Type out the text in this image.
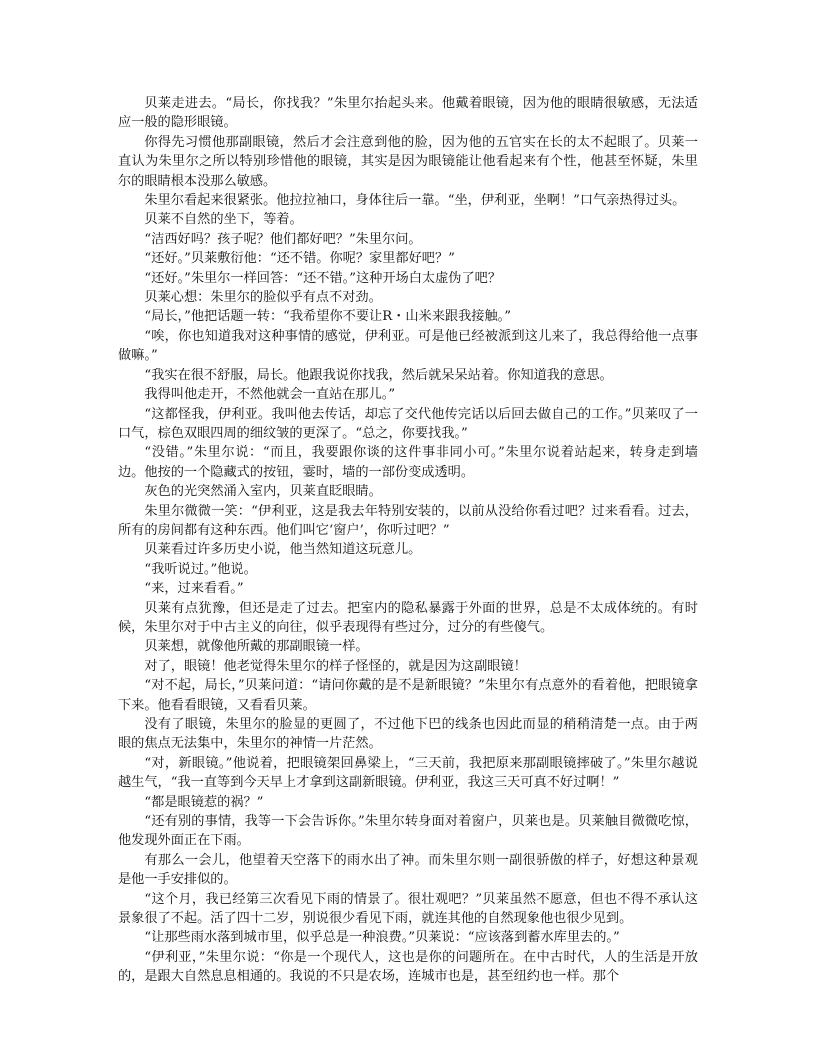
贝莱走进去。“局长，你找我？”朱里尔抬起头来。他戴着眼镜，因为他的眼睛很敏感，无法适应一般的隐形眼镜。

你得先习惯他那副眼镜，然后才会注意到他的脸，因为他的五官实在长的太不起眼了。贝莱一直认为朱里尔之所以特别珍惜他的眼镜，其实是因为眼镜能让他看起来有个性，他甚至怀疑，朱里尔的眼睛根本没那么敏感。

朱里尔看起来很紧张。他拉拉袖口，身体往后一靠。“坐，伊利亚，坐啊！”口气亲热得过头。

贝莱不自然的坐下，等着。

“洁西好吗？孩子呢？他们都好吧？”朱里尔问。

“还好。”贝莱敷衍他：“还不错。你呢？家里都好吧？”

“还好。”朱里尔一样回答：“还不错。”这种开场白太虚伪了吧？

贝莱心想：朱里尔的脸似乎有点不对劲。

“局长，”他把话题一转：“我希望你不要让R・山米来跟我接触。”

“唉，你也知道我对这种事情的感觉，伊利亚。可是他已经被派到这儿来了，我总得给他一点事做嘛。”

“我实在很不舒服，局长。他跟我说你找我，然后就呆呆站着。你知道我的意思。

我得叫他走开，不然他就会一直站在那儿。”

“这都怪我，伊利亚。我叫他去传话，却忘了交代他传完话以后回去做自己的工作。”贝莱叹了一口气，棕色双眼四周的细纹皱的更深了。“总之，你要找我。”

“没错。”朱里尔说：“而且，我要跟你谈的这件事非同小可。”朱里尔说着站起来，转身走到墙边。他按的一个隐藏式的按钮，霎时，墙的一部份变成透明。

灰色的光突然涌入室内，贝莱直眨眼睛。

朱里尔微微一笑：“伊利亚，这是我去年特别安装的，以前从没给你看过吧？过来看看。过去，所有的房间都有这种东西。他们叫它‘窗户’，你听过吧？”

贝莱看过许多历史小说，他当然知道这玩意儿。

“我听说过。”他说。

“来，过来看看。”

贝莱有点犹豫，但还是走了过去。把室内的隐私暴露于外面的世界，总是不太成体统的。有时候，朱里尔对于中古主义的向往，似乎表现得有些过分，过分的有些傻气。

贝莱想，就像他所戴的那副眼镜一样。

对了，眼镜！他老觉得朱里尔的样子怪怪的，就是因为这副眼镜！

“对不起，局长，”贝莱问道：“请问你戴的是不是新眼镜？”朱里尔有点意外的看着他，把眼镜拿下来。他看看眼镜，又看看贝莱。

没有了眼镜，朱里尔的脸显的更圆了，不过他下巴的线条也因此而显的稍稍清楚一点。由于两眼的焦点无法集中，朱里尔的神情一片茫然。

“对，新眼镜。”他说着，把眼镜架回鼻梁上，“三天前，我把原来那副眼镜摔破了。”朱里尔越说越生气，“我一直等到今天早上才拿到这副新眼镜。伊利亚，我这三天可真不好过啊！”

“都是眼镜惹的祸？”

“还有别的事情，我等一下会告诉你。”朱里尔转身面对着窗户，贝莱也是。贝莱触目微微吃惊，他发现外面正在下雨。

有那么一会儿，他望着天空落下的雨水出了神。而朱里尔则一副很骄傲的样子，好想这种景观是他一手安排似的。

“这个月，我已经第三次看见下雨的情景了。很壮观吧？”贝莱虽然不愿意，但也不得不承认这景象很了不起。活了四十二岁，别说很少看见下雨，就连其他的自然现象他也很少见到。

“让那些雨水落到城市里，似乎总是一种浪费。”贝莱说：“应该落到蓄水库里去的。”

“伊利亚，”朱里尔说：“你是一个现代人，这也是你的问题所在。在中古时代，人的生活是开放的，是跟大自然息息相通的。我说的不只是农场，连城市也是，甚至纽约也一样。那个
